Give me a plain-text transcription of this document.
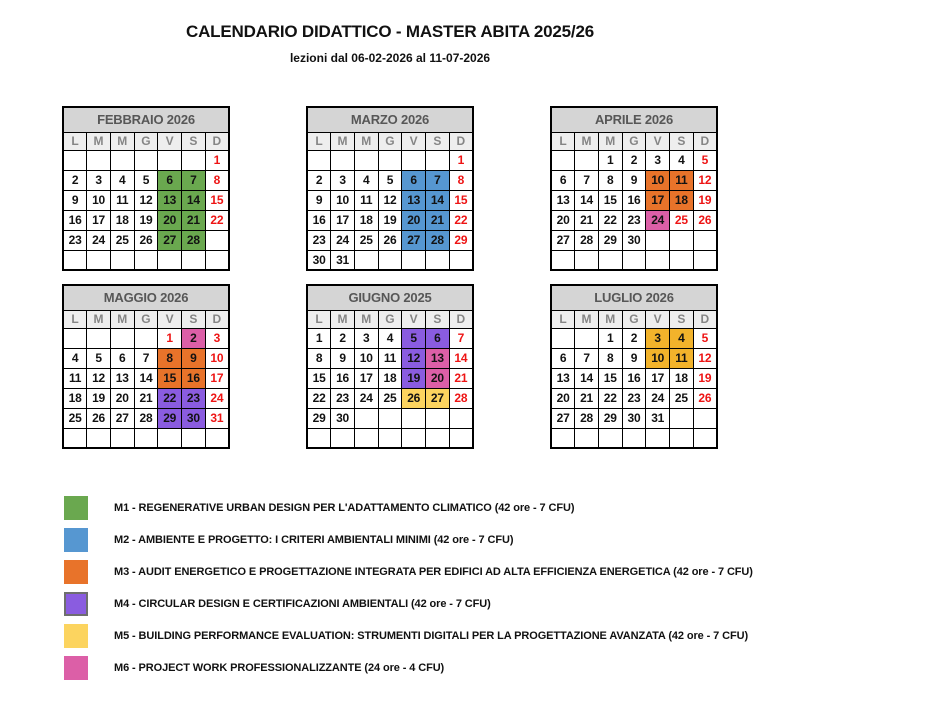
CALENDARIO DIDATTICO - MASTER ABITA 2025/26
lezioni dal 06-02-2026 al 11-07-2026
FEBBRAIO 2026						
L	M	M	G	V	S	D
						1
2	3	4	5	6	7	8
9	10	11	12	13	14	15
16	17	18	19	20	21	22
23	24	25	26	27	28	

MARZO 2026						
L	M	M	G	V	S	D
						1
2	3	4	5	6	7	8
9	10	11	12	13	14	15
16	17	18	19	20	21	22
23	24	25	26	27	28	29
30	31					
APRILE 2026						
L	M	M	G	V	S	D
		1	2	3	4	5
6	7	8	9	10	11	12
13	14	15	16	17	18	19
20	21	22	23	24	25	26
27	28	29	30			

MAGGIO 2026						
L	M	M	G	V	S	D
				1	2	3
4	5	6	7	8	9	10
11	12	13	14	15	16	17
18	19	20	21	22	23	24
25	26	27	28	29	30	31

GIUGNO 2025						
L	M	M	G	V	S	D
1	2	3	4	5	6	7
8	9	10	11	12	13	14
15	16	17	18	19	20	21
22	23	24	25	26	27	28
29	30					

LUGLIO 2026						
L	M	M	G	V	S	D
		1	2	3	4	5
6	7	8	9	10	11	12
13	14	15	16	17	18	19
20	21	22	23	24	25	26
27	28	29	30	31		

M1 - REGENERATIVE URBAN DESIGN PER L'ADATTAMENTO CLIMATICO (42 ore - 7 CFU)
M2 - AMBIENTE E PROGETTO: I CRITERI AMBIENTALI MINIMI (42 ore - 7 CFU)
M3 - AUDIT ENERGETICO E PROGETTAZIONE INTEGRATA PER EDIFICI AD ALTA EFFICIENZA ENERGETICA (42 ore - 7 CFU)
M4 - CIRCULAR DESIGN E CERTIFICAZIONI AMBIENTALI (42 ore - 7 CFU)
M5 - BUILDING PERFORMANCE EVALUATION: STRUMENTI DIGITALI PER LA PROGETTAZIONE AVANZATA (42 ore - 7 CFU)
M6 - PROJECT WORK PROFESSIONALIZZANTE (24 ore - 4 CFU)
